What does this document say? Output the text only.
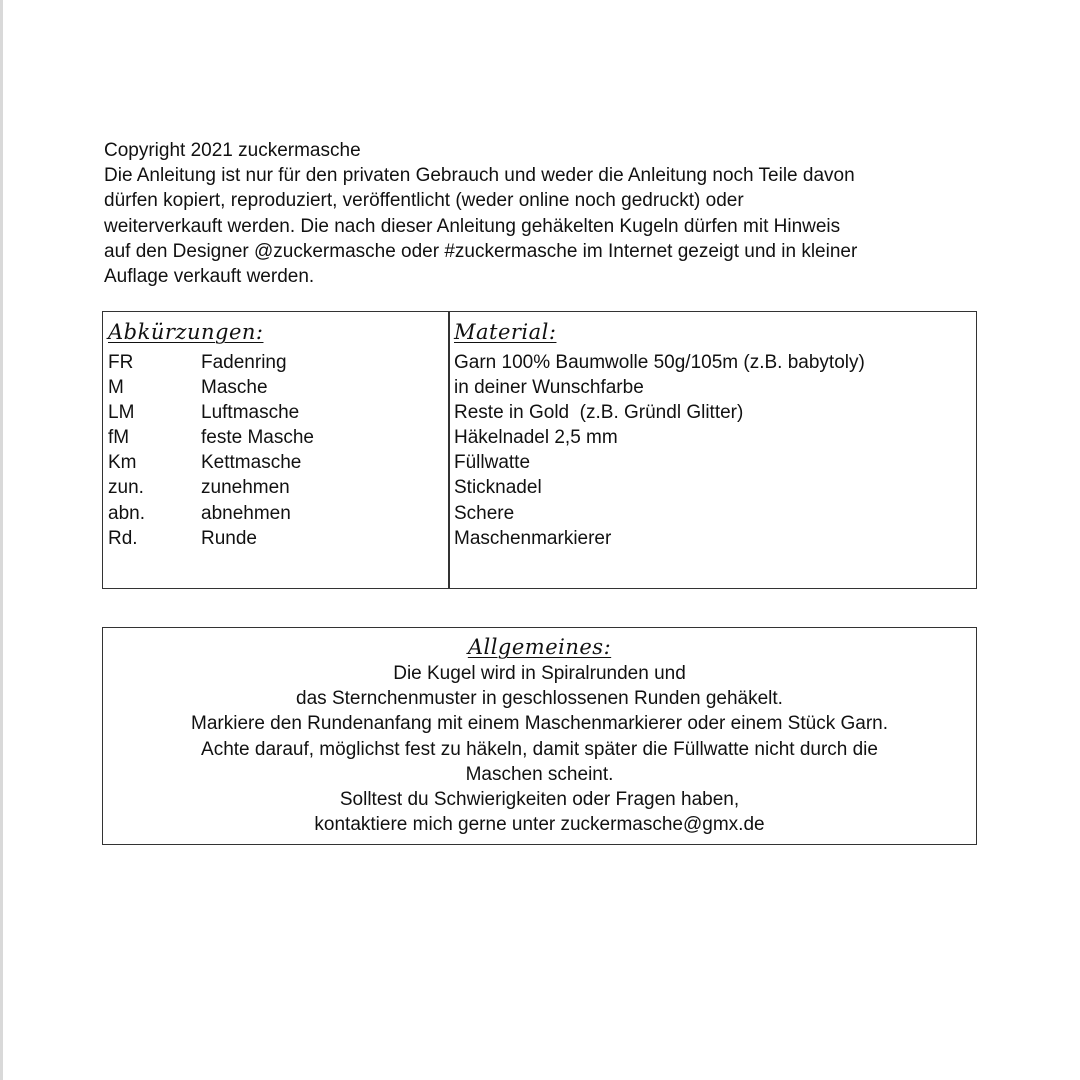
Copyright 2021 zuckermasche

Die Anleitung ist nur für den privaten Gebrauch und weder die Anleitung noch Teile davon

dürfen kopiert, reproduziert, veröffentlicht (weder online noch gedruckt) oder

weiterverkauft werden. Die nach dieser Anleitung gehäkelten Kugeln dürfen mit Hinweis

auf den Designer @zuckermasche oder #zuckermasche im Internet gezeigt und in kleiner

Auflage verkauft werden.

Abkürzungen:
FR	Fadenring
M	Masche
LM	Luftmasche
fM	feste Masche
Km	Kettmasche
zun.	zunehmen
abn.	abnehmen
Rd.	Runde
Material:
Garn 100% Baumwolle 50g/105m (z.B. babytoly)
in deiner Wunschfarbe
Reste in Gold  (z.B. Gründl Glitter)
Häkelnadel 2,5 mm
Füllwatte
Sticknadel
Schere
Maschenmarkierer
Allgemeines:
Die Kugel wird in Spiralrunden und
das Sternchenmuster in geschlossenen Runden gehäkelt.
Markiere den Rundenanfang mit einem Maschenmarkierer oder einem Stück Garn.
Achte darauf, möglichst fest zu häkeln, damit später die Füllwatte nicht durch die
Maschen scheint.
Solltest du Schwierigkeiten oder Fragen haben,
kontaktiere mich gerne unter zuckermasche@gmx.de
